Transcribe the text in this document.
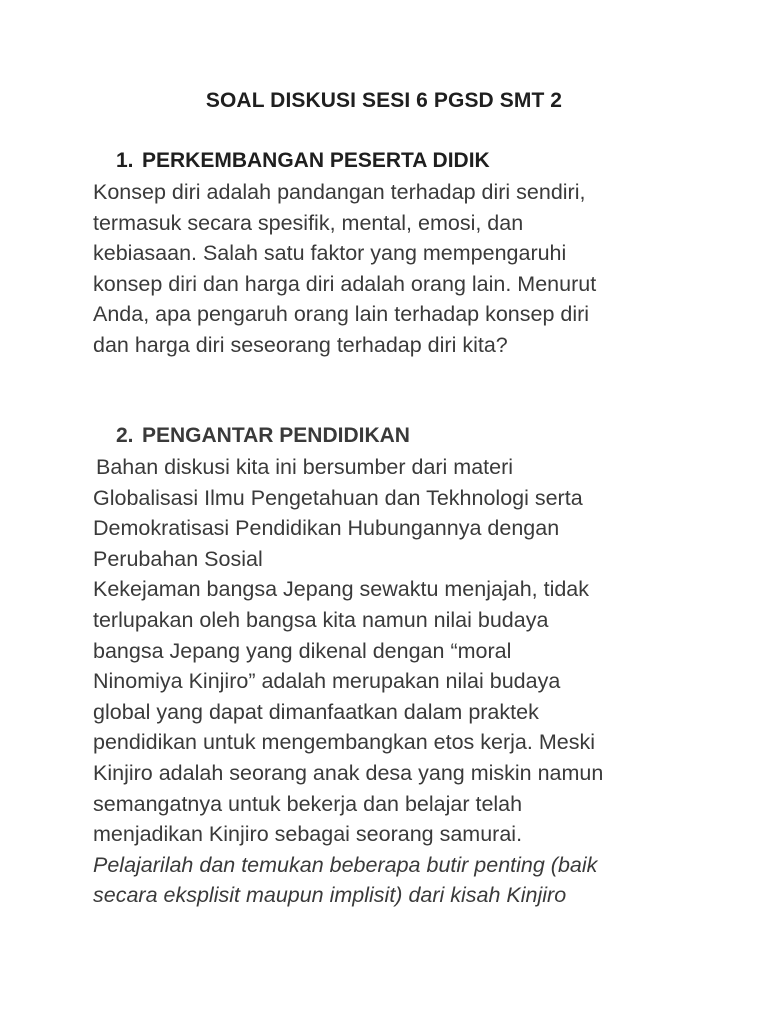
SOAL DISKUSI SESI 6 PGSD SMT 2
1. PERKEMBANGAN PESERTA DIDIK
Konsep diri adalah pandangan terhadap diri sendiri,
termasuk secara spesifik, mental, emosi, dan
kebiasaan. Salah satu faktor yang mempengaruhi
konsep diri dan harga diri adalah orang lain. Menurut
Anda, apa pengaruh orang lain terhadap konsep diri
dan harga diri seseorang terhadap diri kita?
2. PENGANTAR PENDIDIKAN
Bahan diskusi kita ini bersumber dari materi
Globalisasi Ilmu Pengetahuan dan Tekhnologi serta
Demokratisasi Pendidikan Hubungannya dengan
Perubahan Sosial
Kekejaman bangsa Jepang sewaktu menjajah, tidak
terlupakan oleh bangsa kita namun nilai budaya
bangsa Jepang yang dikenal dengan “moral
Ninomiya Kinjiro” adalah merupakan nilai budaya
global yang dapat dimanfaatkan dalam praktek
pendidikan untuk mengembangkan etos kerja. Meski
Kinjiro adalah seorang anak desa yang miskin namun
semangatnya untuk bekerja dan belajar telah
menjadikan Kinjiro sebagai seorang samurai.
Pelajarilah dan temukan beberapa butir penting (baik
secara eksplisit maupun implisit) dari kisah Kinjiro
